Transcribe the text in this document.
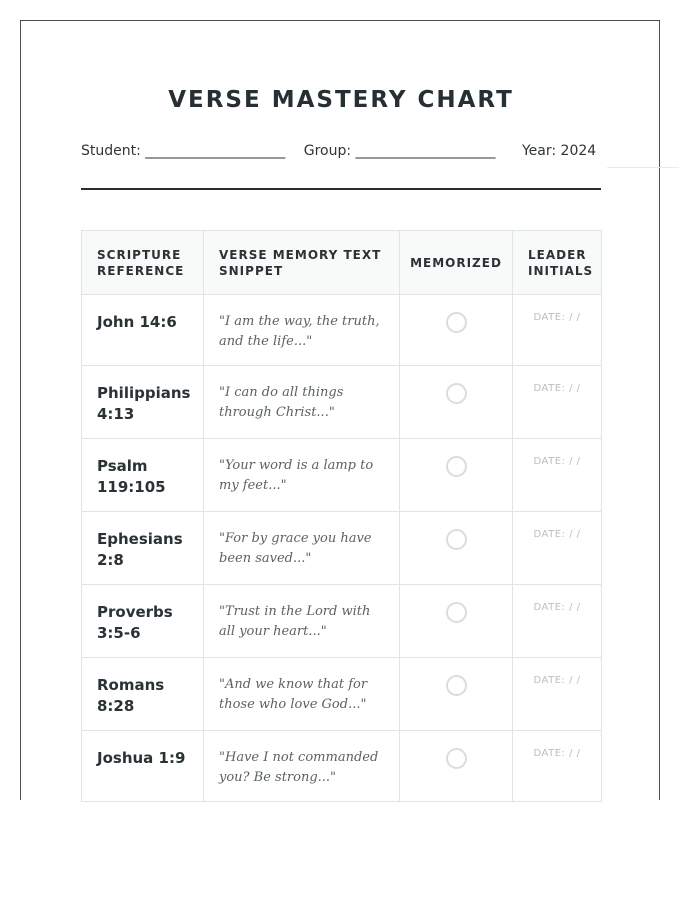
VERSE MASTERY CHART
Student: ____________________ Group: ____________________ Year: 2024
SCRIPTURE REFERENCE	VERSE MEMORY TEXT SNIPPET	MEMORIZED	LEADER INITIALS
John 14:6	"I am the way, the truth, and the life..."		DATE: / /
Philippians 4:13	"I can do all things through Christ..."		DATE: / /
Psalm 119:105	"Your word is a lamp to my feet..."		DATE: / /
Ephesians 2:8	"For by grace you have been saved..."		DATE: / /
Proverbs 3:5-6	"Trust in the Lord with all your heart..."		DATE: / /
Romans 8:28	"And we know that for those who love God..."		DATE: / /
Joshua 1:9	"Have I not commanded you? Be strong..."		DATE: / /
